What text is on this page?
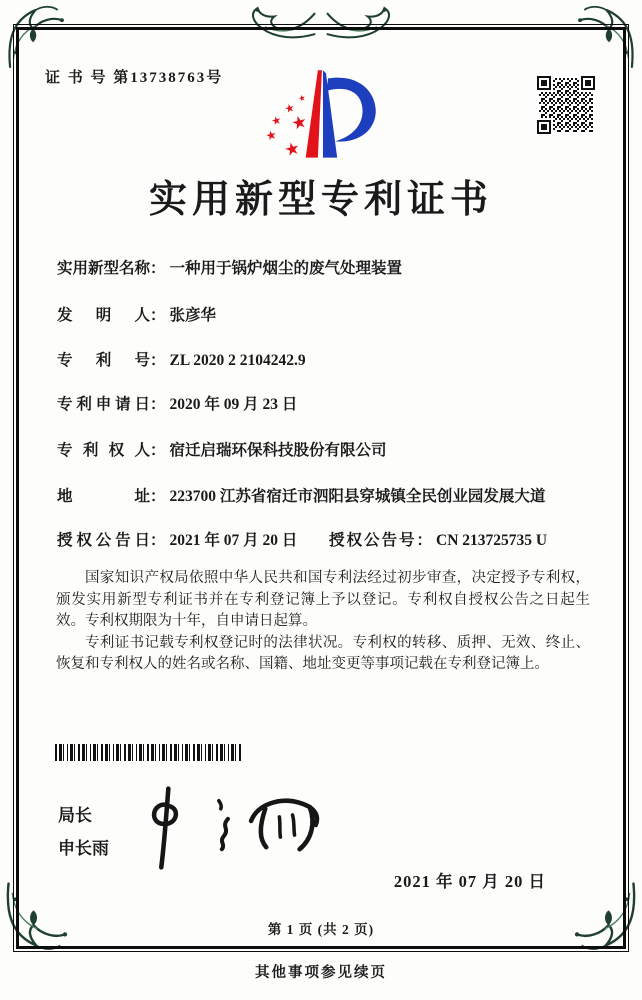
证 书 号 第13738763号
★
★
★ ★
★
★
实用新型专利证书
实用新型名称： 一种用于锅炉烟尘的废气处理装置
发明人： 张彦华
专利号： ZL 2020 2 2104242.9
专利申请日： 2020 年 09 月 23 日
专利权人： 宿迁启瑞环保科技股份有限公司
地址： 223700 江苏省宿迁市泗阳县穿城镇全民创业园发展大道
授权公告日： 2021 年 07 月 20 日 授权公告号： CN 213725735 U

国家知识产权局依照中华人民共和国专利法经过初步审查，决定授予专利权，颁发实用新型专利证书并在专利登记簿上予以登记。专利权自授权公告之日起生效。专利权期限为十年，自申请日起算。

专利证书记载专利权登记时的法律状况。专利权的转移、质押、无效、终止、恢复和专利权人的姓名或名称、国籍、地址变更等事项记载在专利登记簿上。

局长
申长雨
2021 年 07 月 20 日
第 1 页 (共 2 页)
其他事项参见续页
